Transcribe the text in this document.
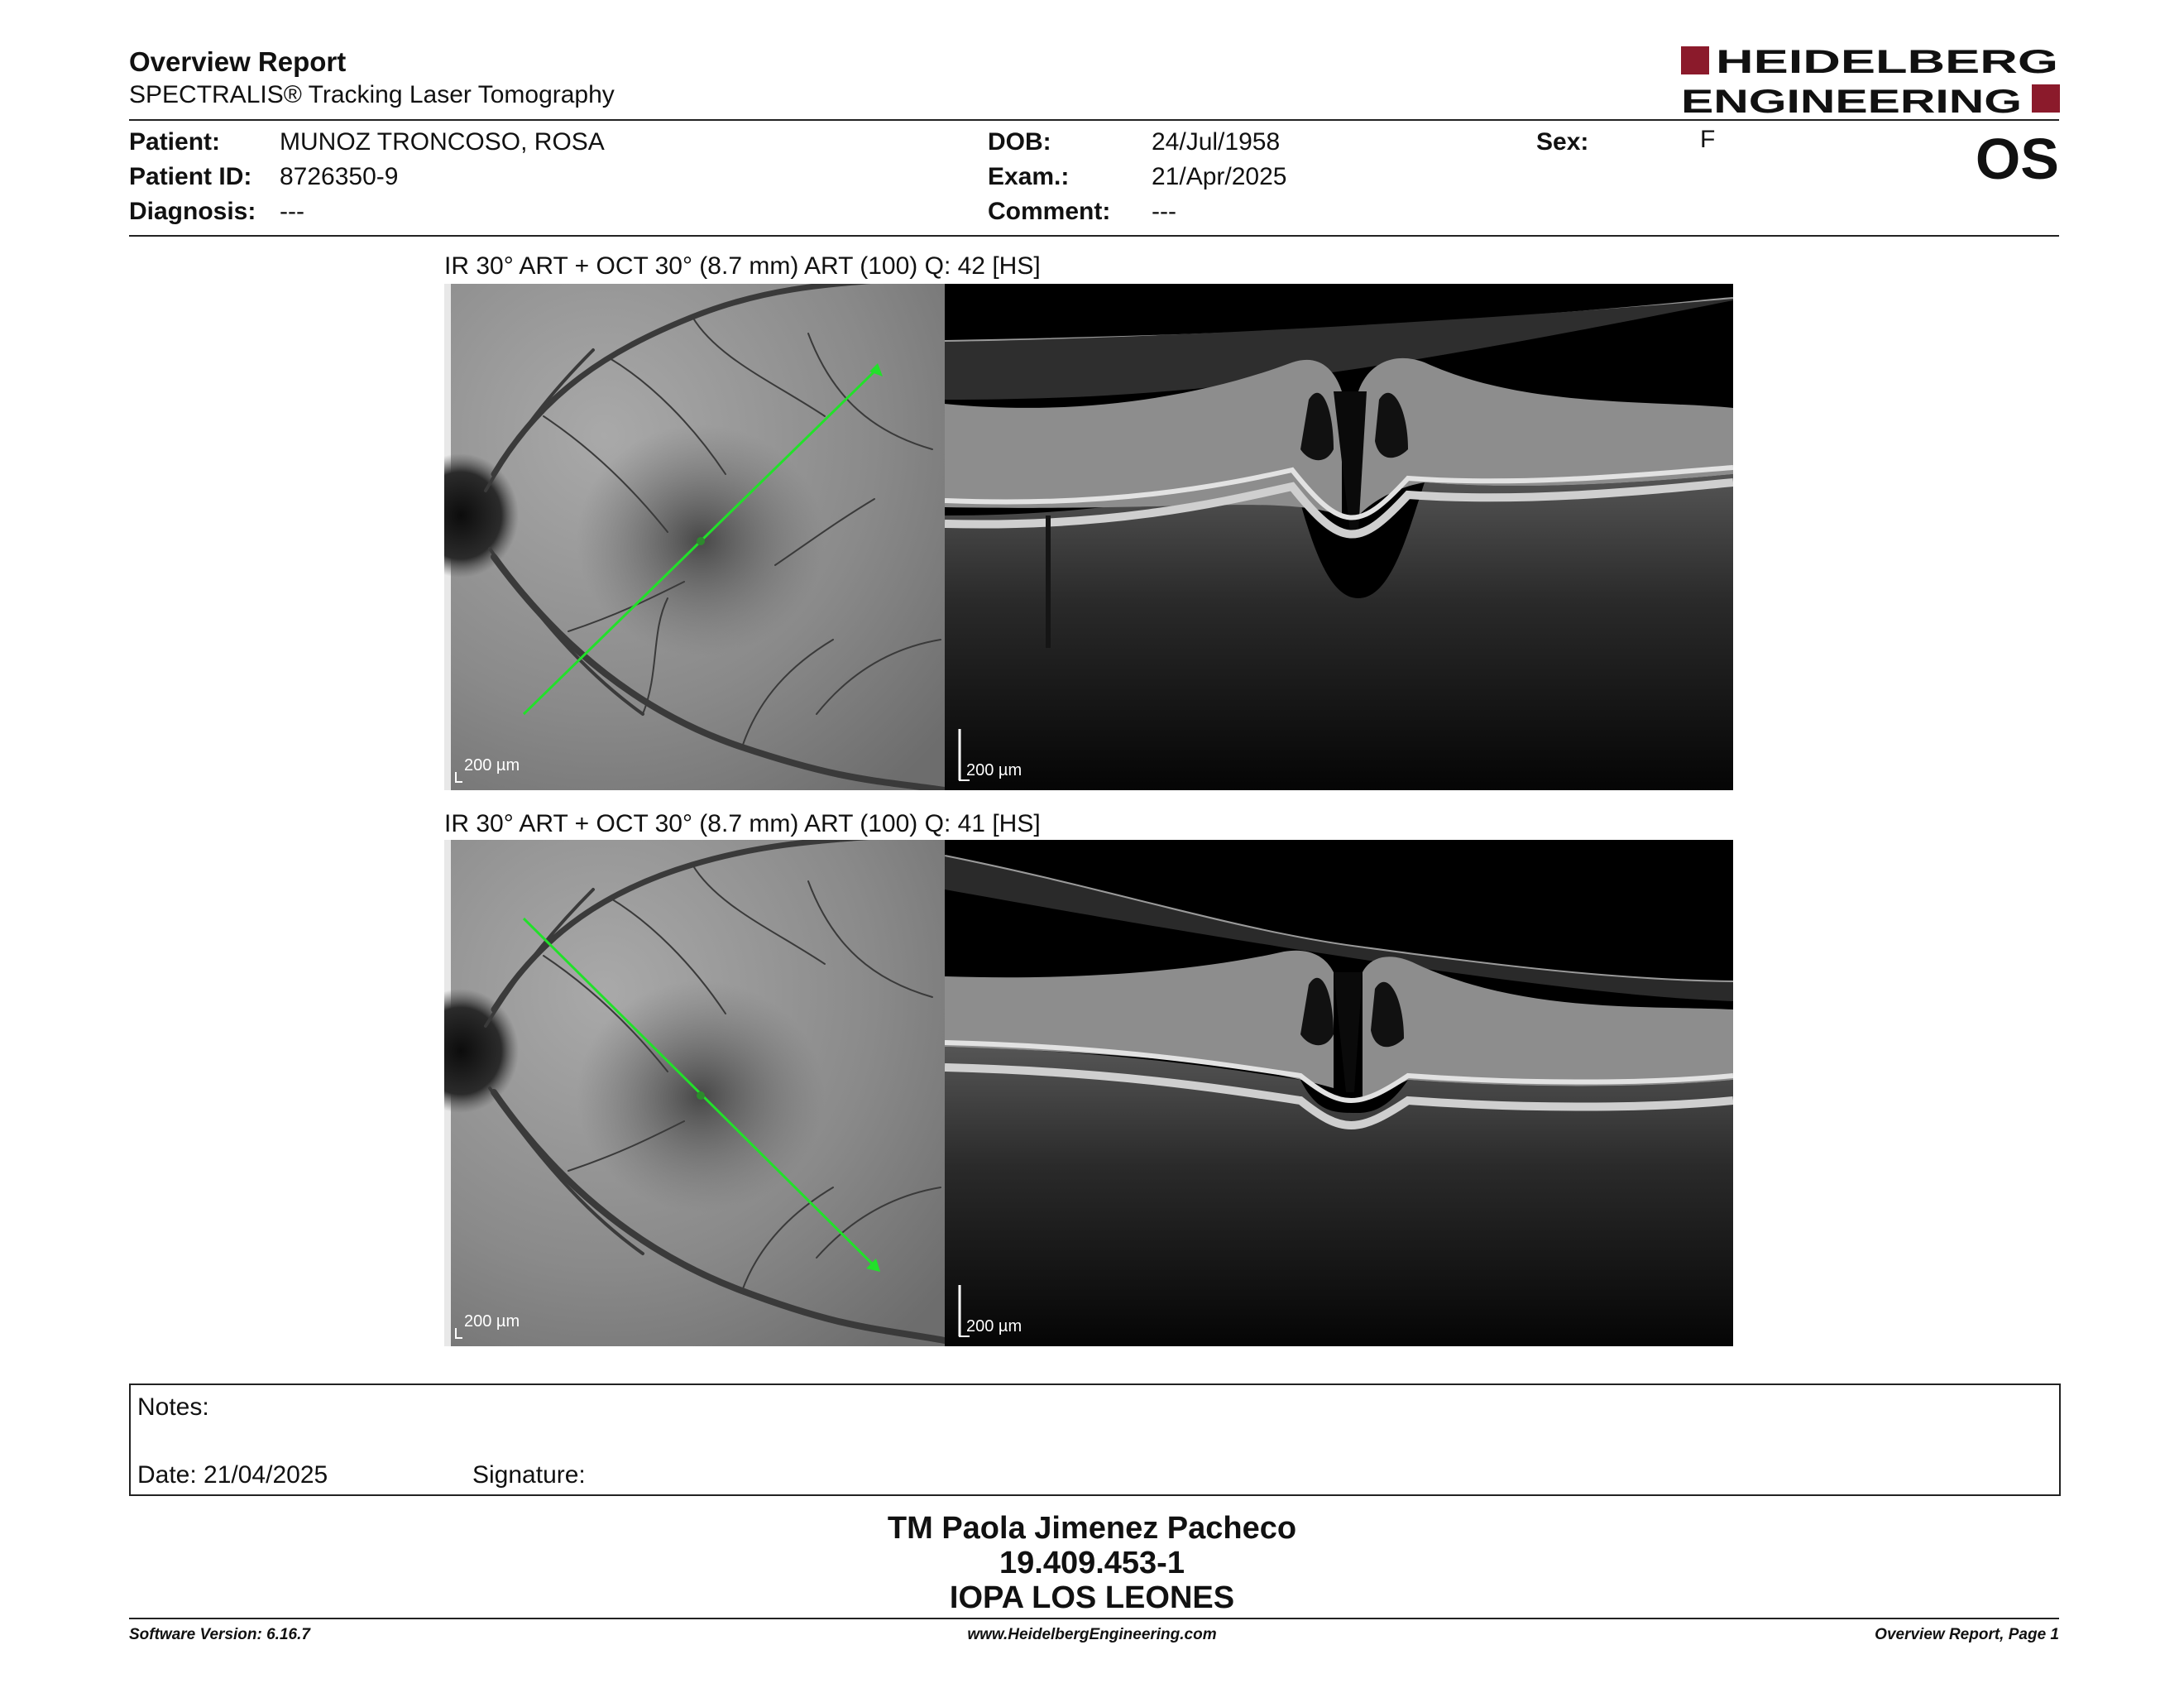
Overview Report
SPECTRALIS® Tracking Laser Tomography
HEIDELBERG
ENGINEERING
Patient: MUNOZ TRONCOSO, ROSA
Patient ID: 8726350-9
Diagnosis: ---
DOB:	24/Jul/1958
Exam.:	21/Apr/2025
Comment: ---
Sex:	F	OS
IR 30° ART + OCT 30° (8.7 mm) ART (100) Q: 42 [HS]
200 µm	200 µm
IR 30° ART + OCT 30° (8.7 mm) ART (100) Q: 41 [HS]
200 µm	200 µm
Notes:
Date: 21/04/2025	Signature:
TM Paola Jimenez Pacheco
19.409.453-1
IOPA LOS LEONES
Software Version: 6.16.7	www.HeidelbergEngineering.com	Overview Report, Page 1
